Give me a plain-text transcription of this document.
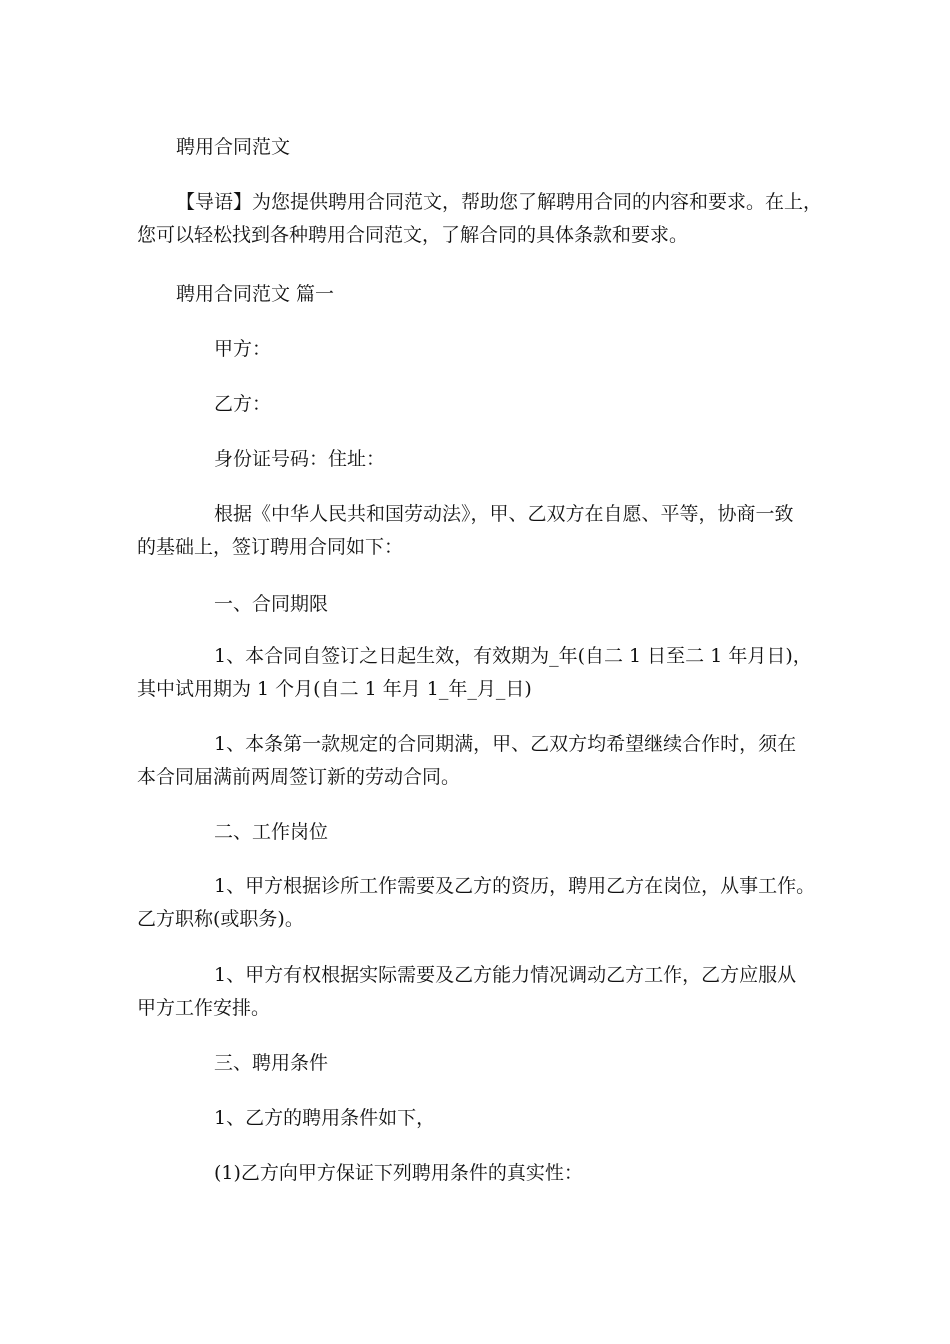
聘用合同范文

【导语】为您提供聘用合同范文，帮助您了解聘用合同的内容和要求。在上，
您可以轻松找到各种聘用合同范文，了解合同的具体条款和要求。

聘用合同范文 篇一

甲方：

乙方：

身份证号码：住址：

根据《中华人民共和国劳动法》，甲、乙双方在自愿、平等，协商一致
的基础上，签订聘用合同如下：

一、合同期限

1、本合同自签订之日起生效，有效期为_年(自二 1 日至二 1 年月日)，
其中试用期为 1 个月(自二 1 年月 1_年_月_日)
1、本条第一款规定的合同期满，甲、乙双方均希望继续合作时，须在
本合同届满前两周签订新的劳动合同。

二、工作岗位

1、甲方根据诊所工作需要及乙方的资历，聘用乙方在岗位，从事工作。
乙方职称(或职务)。
1、甲方有权根据实际需要及乙方能力情况调动乙方工作，乙方应服从
甲方工作安排。

三、聘用条件

1、乙方的聘用条件如下，

(1)乙方向甲方保证下列聘用条件的真实性：
